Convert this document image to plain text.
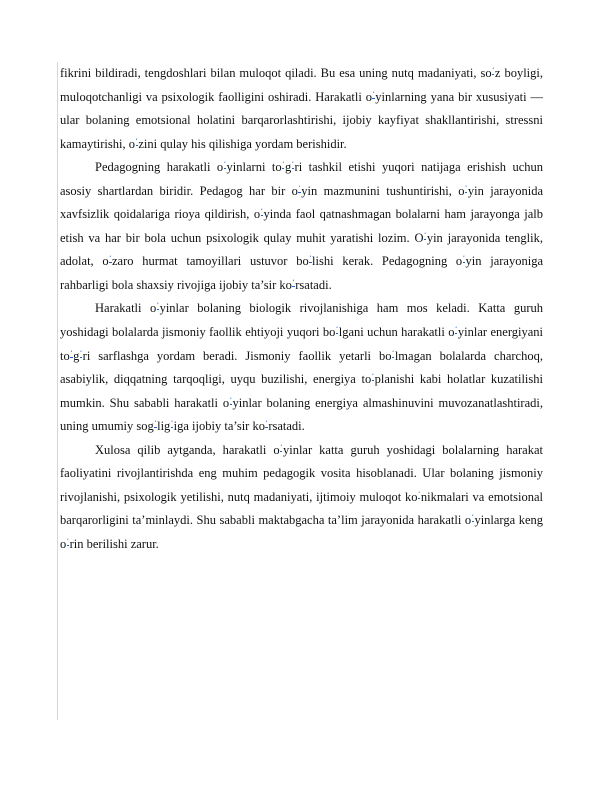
fikrini bildiradi, tengdoshlari bilan muloqot qiladi. Bu esa uning nutq madaniyati, soʻz boyligi, muloqotchanligi va psixologik faolligini oshiradi. Harakatli oʻyinlarning yana bir xususiyati — ular bolaning emotsional holatini barqarorlashtirishi, ijobiy kayfiyat shakllantirishi, stressni kamaytirishi, oʻzini qulay his qilishiga yordam berishidir.

Pedagogning harakatli oʻyinlarni toʻgʻri tashkil etishi yuqori natijaga erishish uchun asosiy shartlardan biridir. Pedagog har bir oʻyin mazmunini tushuntirishi, oʻyin jarayonida xavfsizlik qoidalariga rioya qildirish, oʻyinda faol qatnashmagan bolalarni ham jarayonga jalb etish va har bir bola uchun psixologik qulay muhit yaratishi lozim. Oʻyin jarayonida tenglik, adolat, oʻzaro hurmat tamoyillari ustuvor boʻlishi kerak. Pedagogning oʻyin jarayoniga rahbarligi bola shaxsiy rivojiga ijobiy ta’sir koʻrsatadi.

Harakatli oʻyinlar bolaning biologik rivojlanishiga ham mos keladi. Katta guruh yoshidagi bolalarda jismoniy faollik ehtiyoji yuqori boʻlgani uchun harakatli oʻyinlar energiyani toʻgʻri sarflashga yordam beradi. Jismoniy faollik yetarli boʻlmagan bolalarda charchoq, asabiylik, diqqatning tarqoqligi, uyqu buzilishi, energiya toʻplanishi kabi holatlar kuzatilishi mumkin. Shu sababli harakatli oʻyinlar bolaning energiya almashinuvini muvozanatlashtiradi, uning umumiy sogʻligʻiga ijobiy ta’sir koʻrsatadi.

Xulosa qilib aytganda, harakatli oʻyinlar katta guruh yoshidagi bolalarning harakat faoliyatini rivojlantirishda eng muhim pedagogik vosita hisoblanadi. Ular bolaning jismoniy rivojlanishi, psixologik yetilishi, nutq madaniyati, ijtimoiy muloqot koʻnikmalari va emotsional barqarorligini ta’minlaydi. Shu sababli maktabgacha ta’lim jarayonida harakatli oʻyinlarga keng oʻrin berilishi zarur.
